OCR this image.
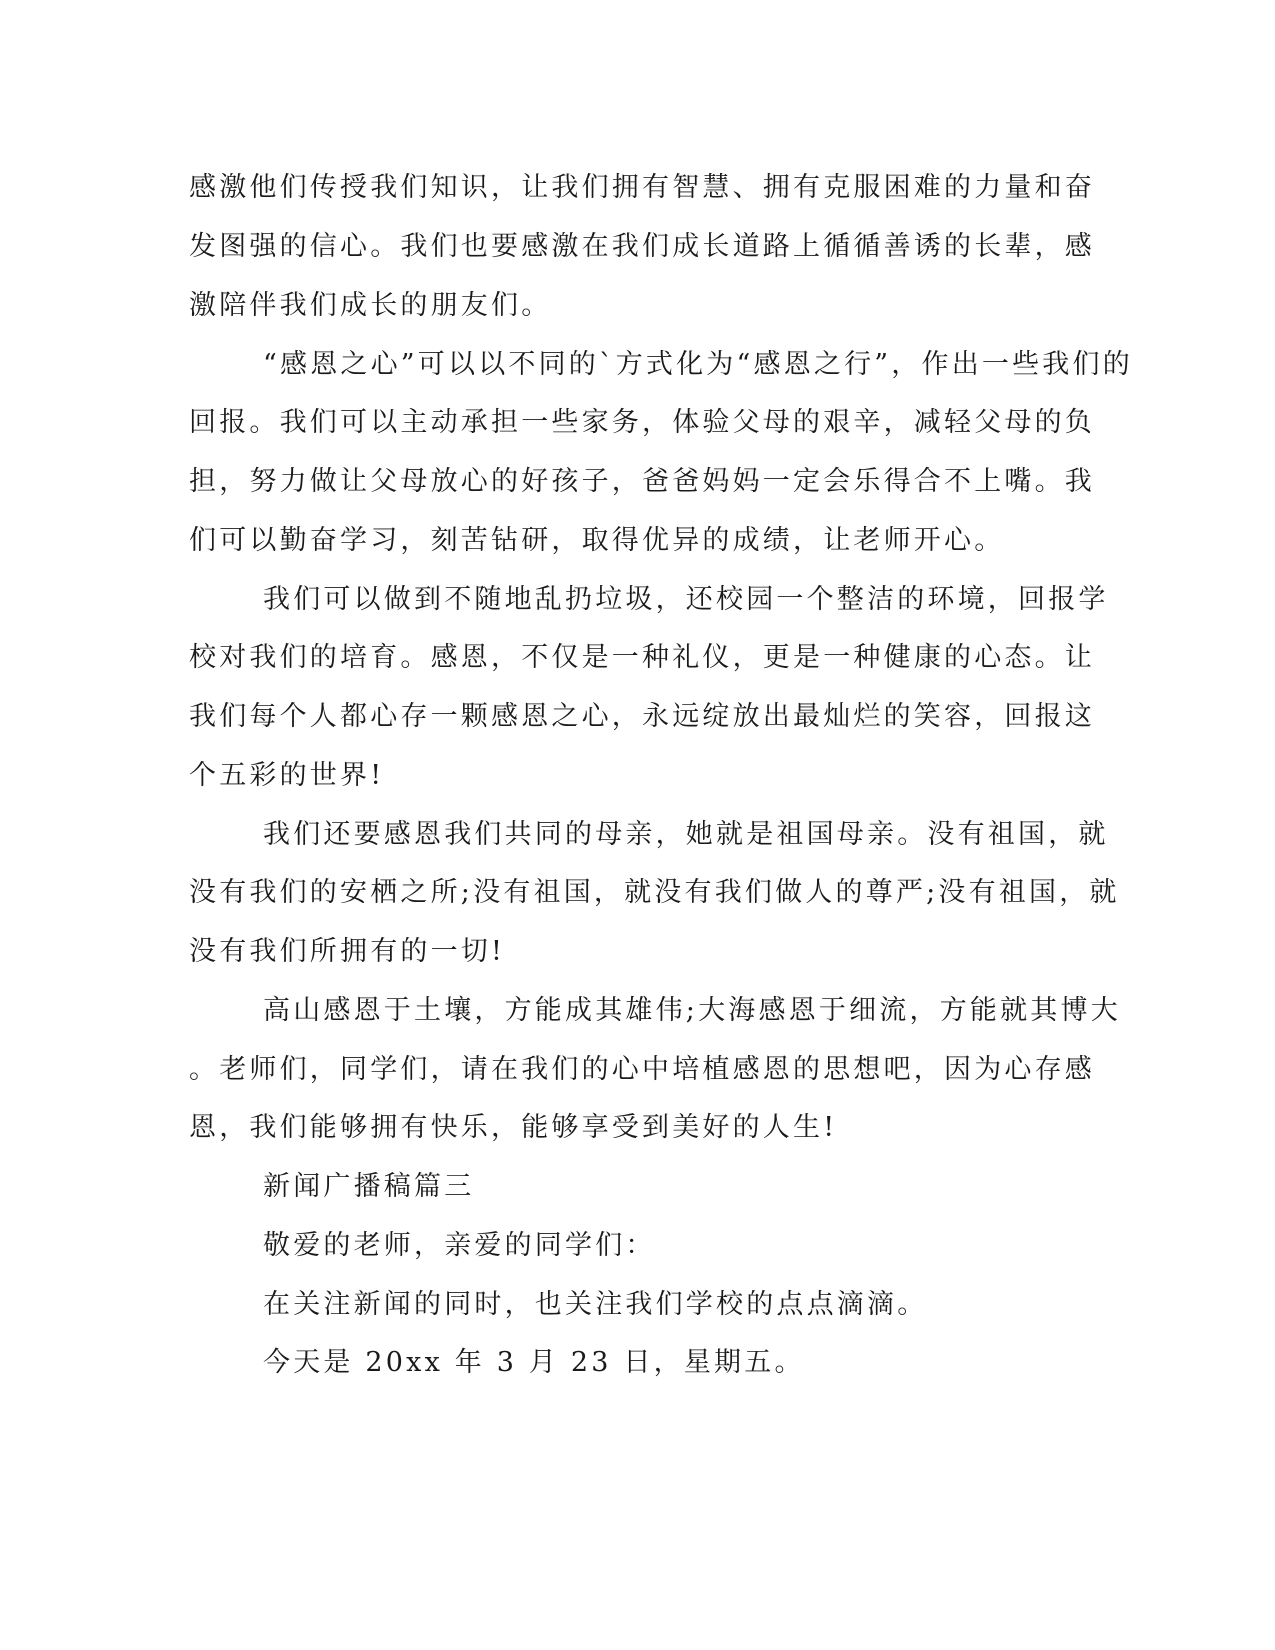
感激他们传授我们知识，让我们拥有智慧、拥有克服困难的力量和奋
发图强的信心。我们也要感激在我们成长道路上循循善诱的长辈，感
激陪伴我们成长的朋友们。
“感恩之心”可以以不同的`方式化为“感恩之行”，作出一些我们的
回报。我们可以主动承担一些家务，体验父母的艰辛，减轻父母的负
担，努力做让父母放心的好孩子，爸爸妈妈一定会乐得合不上嘴。我
们可以勤奋学习，刻苦钻研，取得优异的成绩，让老师开心。
我们可以做到不随地乱扔垃圾，还校园一个整洁的环境，回报学
校对我们的培育。感恩，不仅是一种礼仪，更是一种健康的心态。让
我们每个人都心存一颗感恩之心，永远绽放出最灿烂的笑容，回报这
个五彩的世界!
我们还要感恩我们共同的母亲，她就是祖国母亲。没有祖国，就
没有我们的安栖之所;没有祖国，就没有我们做人的尊严;没有祖国，就
没有我们所拥有的一切!
高山感恩于土壤，方能成其雄伟;大海感恩于细流，方能就其博大
。老师们，同学们，请在我们的心中培植感恩的思想吧，因为心存感
恩，我们能够拥有快乐，能够享受到美好的人生!
新闻广播稿篇三
敬爱的老师，亲爱的同学们：
在关注新闻的同时，也关注我们学校的点点滴滴。
今天是 20xx 年 3 月 23 日，星期五。
